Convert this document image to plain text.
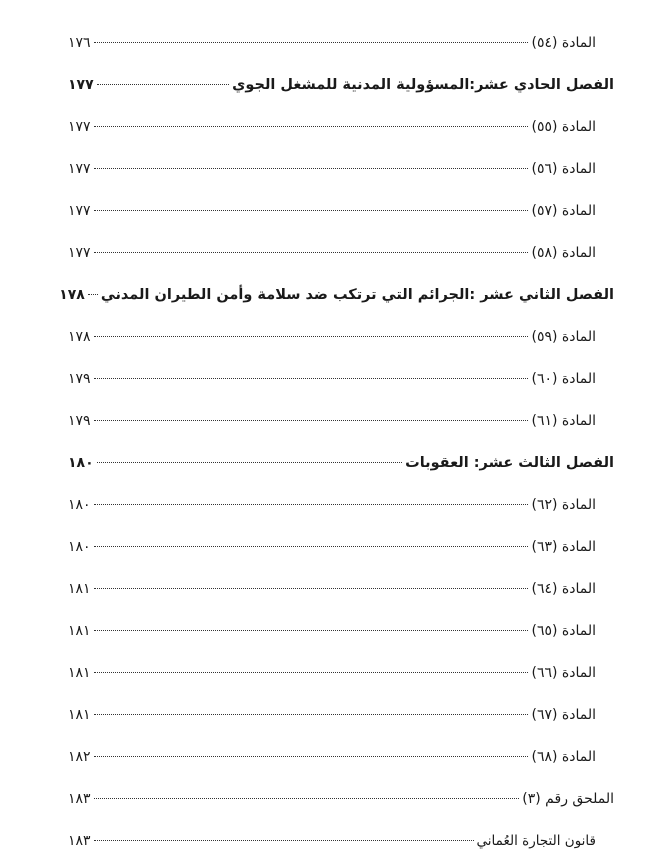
المادة (٥٤)
١٧٦
الفصل الحادي عشر:المسؤولية المدنية للمشغل الجوي
١٧٧
المادة (٥٥)
١٧٧
المادة (٥٦)
١٧٧
المادة (٥٧)
١٧٧
المادة (٥٨)
١٧٧
الفصل الثاني عشر :الجرائم التي ترتكب ضد سلامة وأمن الطيران المدني
١٧٨
المادة (٥٩)
١٧٨
المادة (٦٠)
١٧٩
المادة (٦١)
١٧٩
الفصل الثالث عشر: العقوبات
١٨٠
المادة (٦٢)
١٨٠
المادة (٦٣)
١٨٠
المادة (٦٤)
١٨١
المادة (٦٥)
١٨١
المادة (٦٦)
١٨١
المادة (٦٧)
١٨١
المادة (٦٨)
١٨٢
الملحق رقم (٣)
١٨٣
قانون التجارة العُماني
١٨٣
